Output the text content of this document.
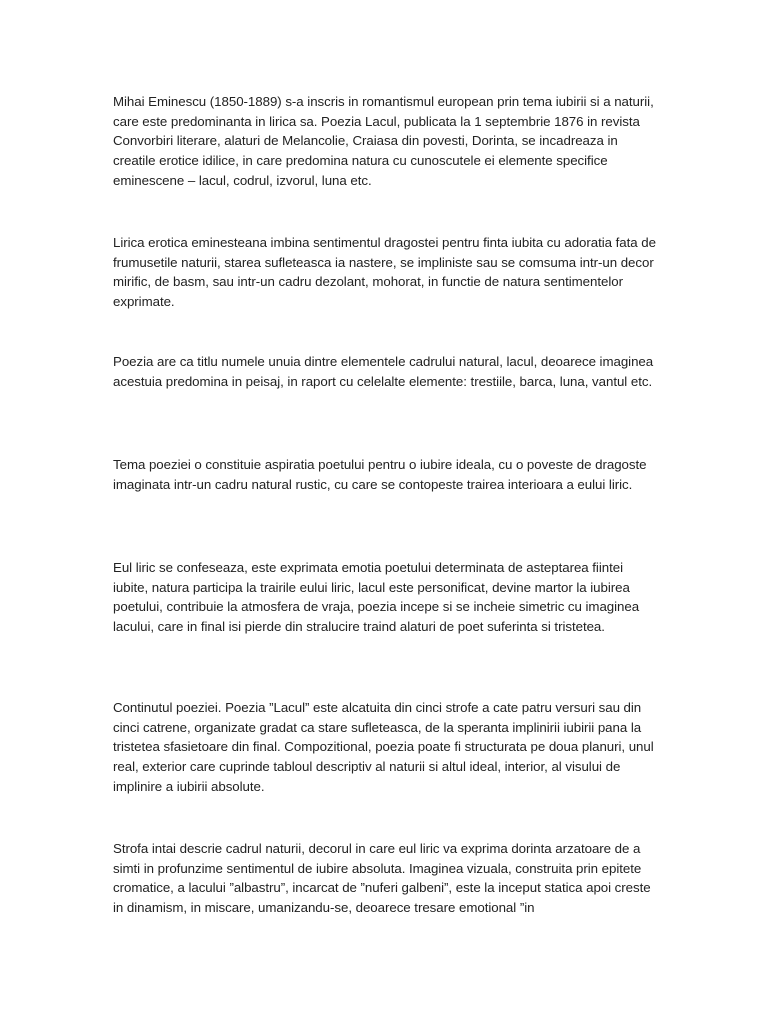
Mihai Eminescu (1850-1889) s-a inscris in romantismul european prin tema iubirii si a naturii, care este predominanta in lirica sa. Poezia Lacul, publicata la 1 septembrie 1876 in revista Convorbiri literare, alaturi de Melancolie, Craiasa din povesti, Dorinta, se incadreaza in creatile erotice idilice, in care predomina natura cu cunoscutele ei elemente specifice eminescene – lacul, codrul, izvorul, luna etc.

Lirica erotica eminesteana imbina sentimentul dragostei pentru finta iubita cu adoratia fata de frumusetile naturii, starea sufleteasca ia nastere, se impliniste sau se comsuma intr-un decor mirific, de basm, sau intr-un cadru dezolant, mohorat, in functie de natura sentimentelor exprimate.

Poezia are ca titlu numele unuia dintre elementele cadrului natural, lacul, deoarece imaginea acestuia predomina in peisaj, in raport cu celelalte elemente: trestiile, barca, luna, vantul etc.

Tema poeziei o constituie aspiratia poetului pentru o iubire ideala, cu o poveste de dragoste imaginata intr-un cadru natural rustic, cu care se contopeste trairea interioara a eului liric.

Eul liric se confeseaza, este exprimata emotia poetului determinata de asteptarea fiintei iubite, natura participa la trairile eului liric, lacul este personificat, devine martor la iubirea poetului, contribuie la atmosfera de vraja, poezia incepe si se incheie simetric cu imaginea lacului, care in final isi pierde din stralucire traind alaturi de poet suferinta si tristetea.

Continutul poeziei. Poezia ”Lacul” este alcatuita din cinci strofe a cate patru versuri sau din cinci catrene, organizate gradat ca stare sufleteasca, de la speranta implinirii iubirii pana la tristetea sfasietoare din final. Compozitional, poezia poate fi structurata pe doua planuri, unul real, exterior care cuprinde tabloul descriptiv al naturii si altul ideal, interior, al visului de implinire a iubirii absolute.

Strofa intai descrie cadrul naturii, decorul in care eul liric va exprima dorinta arzatoare de a simti in profunzime sentimentul de iubire absoluta. Imaginea vizuala, construita prin epitete cromatice, a lacului ”albastru”, incarcat de ”nuferi galbeni”, este la inceput statica apoi creste in dinamism, in miscare, umanizandu-se, deoarece tresare emotional ”in
